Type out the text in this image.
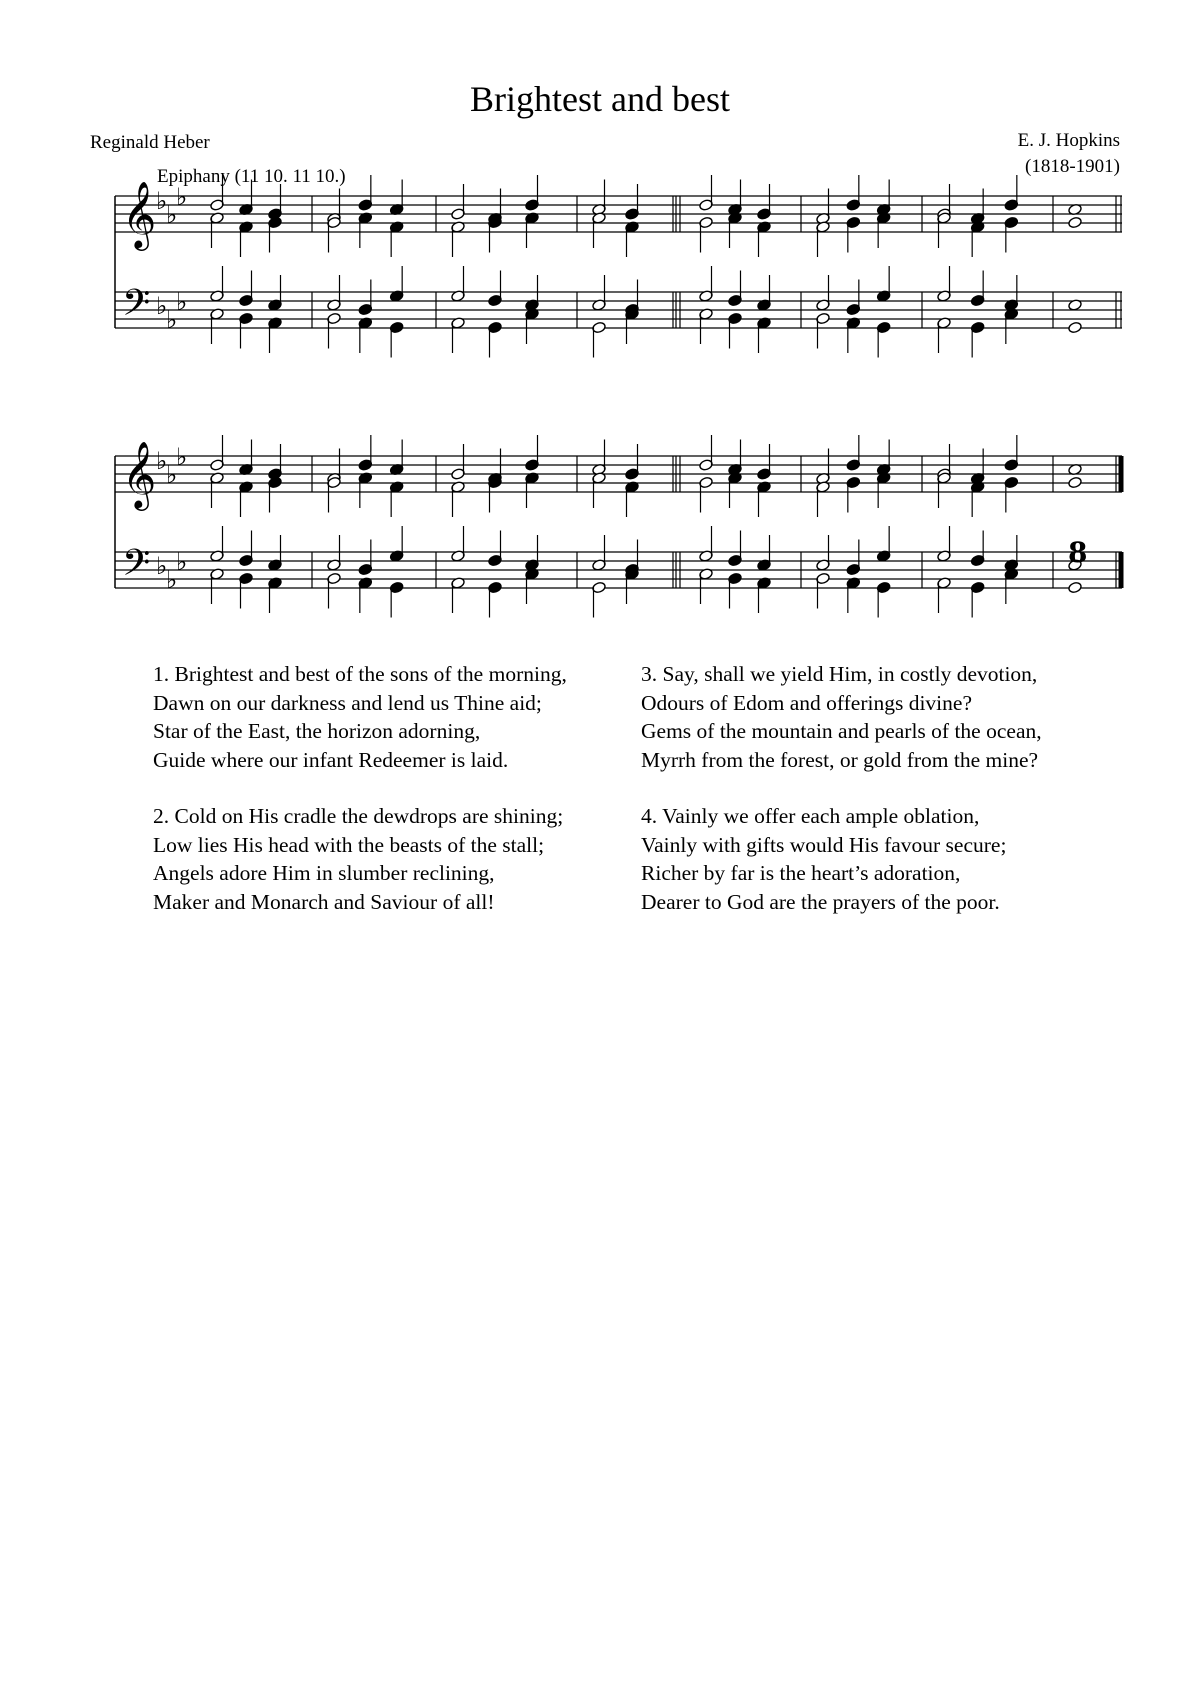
Brightest and best
Reginald Heber	E. J. Hopkins
(1818-1901)
Epiphany (11 10. 11 10.)
𝄞
𝄢
♭
♭
♭
♭
♭
♭
𝄞
𝄢
♭
♭
♭
♭
♭
♭	8
1. Brightest and best of the sons of the morning,
Dawn on our darkness and lend us Thine aid;
Star of the East, the horizon adorning,
Guide where our infant Redeemer is laid.
2. Cold on His cradle the dewdrops are shining;
Low lies His head with the beasts of the stall;
Angels adore Him in slumber reclining,
Maker and Monarch and Saviour of all!
3. Say, shall we yield Him, in costly devotion,
Odours of Edom and offerings divine?
Gems of the mountain and pearls of the ocean,
Myrrh from the forest, or gold from the mine?
4. Vainly we offer each ample oblation,
Vainly with gifts would His favour secure;
Richer by far is the heart’s adoration,
Dearer to God are the prayers of the poor.
